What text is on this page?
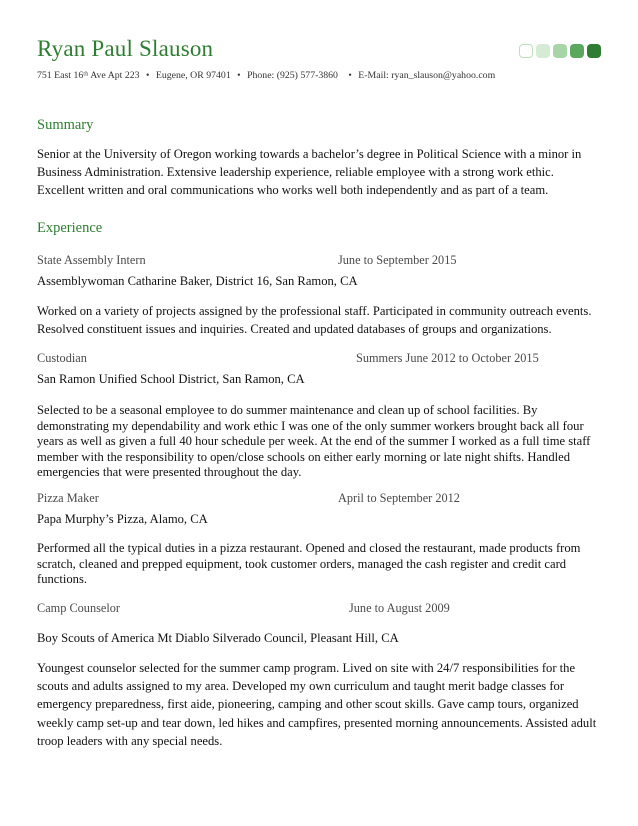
Ryan Paul Slauson
751 East 16ᵗʰ Ave Apt 223 • Eugene, OR 97401 • Phone: (925) 577-3860 • E-Mail: ryan_slauson@yahoo.com
Summary
Senior at the University of Oregon working towards a bachelor’s degree in Political Science with a minor in
Business Administration. Extensive leadership experience, reliable employee with a strong work ethic.
Excellent written and oral communications who works well both independently and as part of a team.
Experience
State Assembly Intern	June to September 2015
Assemblywoman Catharine Baker, District 16, San Ramon, CA
Worked on a variety of projects assigned by the professional staff. Participated in community outreach events.
Resolved constituent issues and inquiries. Created and updated databases of groups and organizations.
Custodian	Summers June 2012 to October 2015
San Ramon Unified School District, San Ramon, CA
Selected to be a seasonal employee to do summer maintenance and clean up of school facilities. By
demonstrating my dependability and work ethic I was one of the only summer workers brought back all four
years as well as given a full 40 hour schedule per week. At the end of the summer I worked as a full time staff
member with the responsibility to open/close schools on either early morning or late night shifts. Handled
emergencies that were presented throughout the day.
Pizza Maker	April to September 2012
Papa Murphy’s Pizza, Alamo, CA
Performed all the typical duties in a pizza restaurant. Opened and closed the restaurant, made products from
scratch, cleaned and prepped equipment, took customer orders, managed the cash register and credit card
functions.
Camp Counselor	June to August 2009
Boy Scouts of America Mt Diablo Silverado Council, Pleasant Hill, CA
Youngest counselor selected for the summer camp program. Lived on site with 24/7 responsibilities for the
scouts and adults assigned to my area. Developed my own curriculum and taught merit badge classes for
emergency preparedness, first aide, pioneering, camping and other scout skills. Gave camp tours, organized
weekly camp set-up and tear down, led hikes and campfires, presented morning announcements. Assisted adult
troop leaders with any special needs.
